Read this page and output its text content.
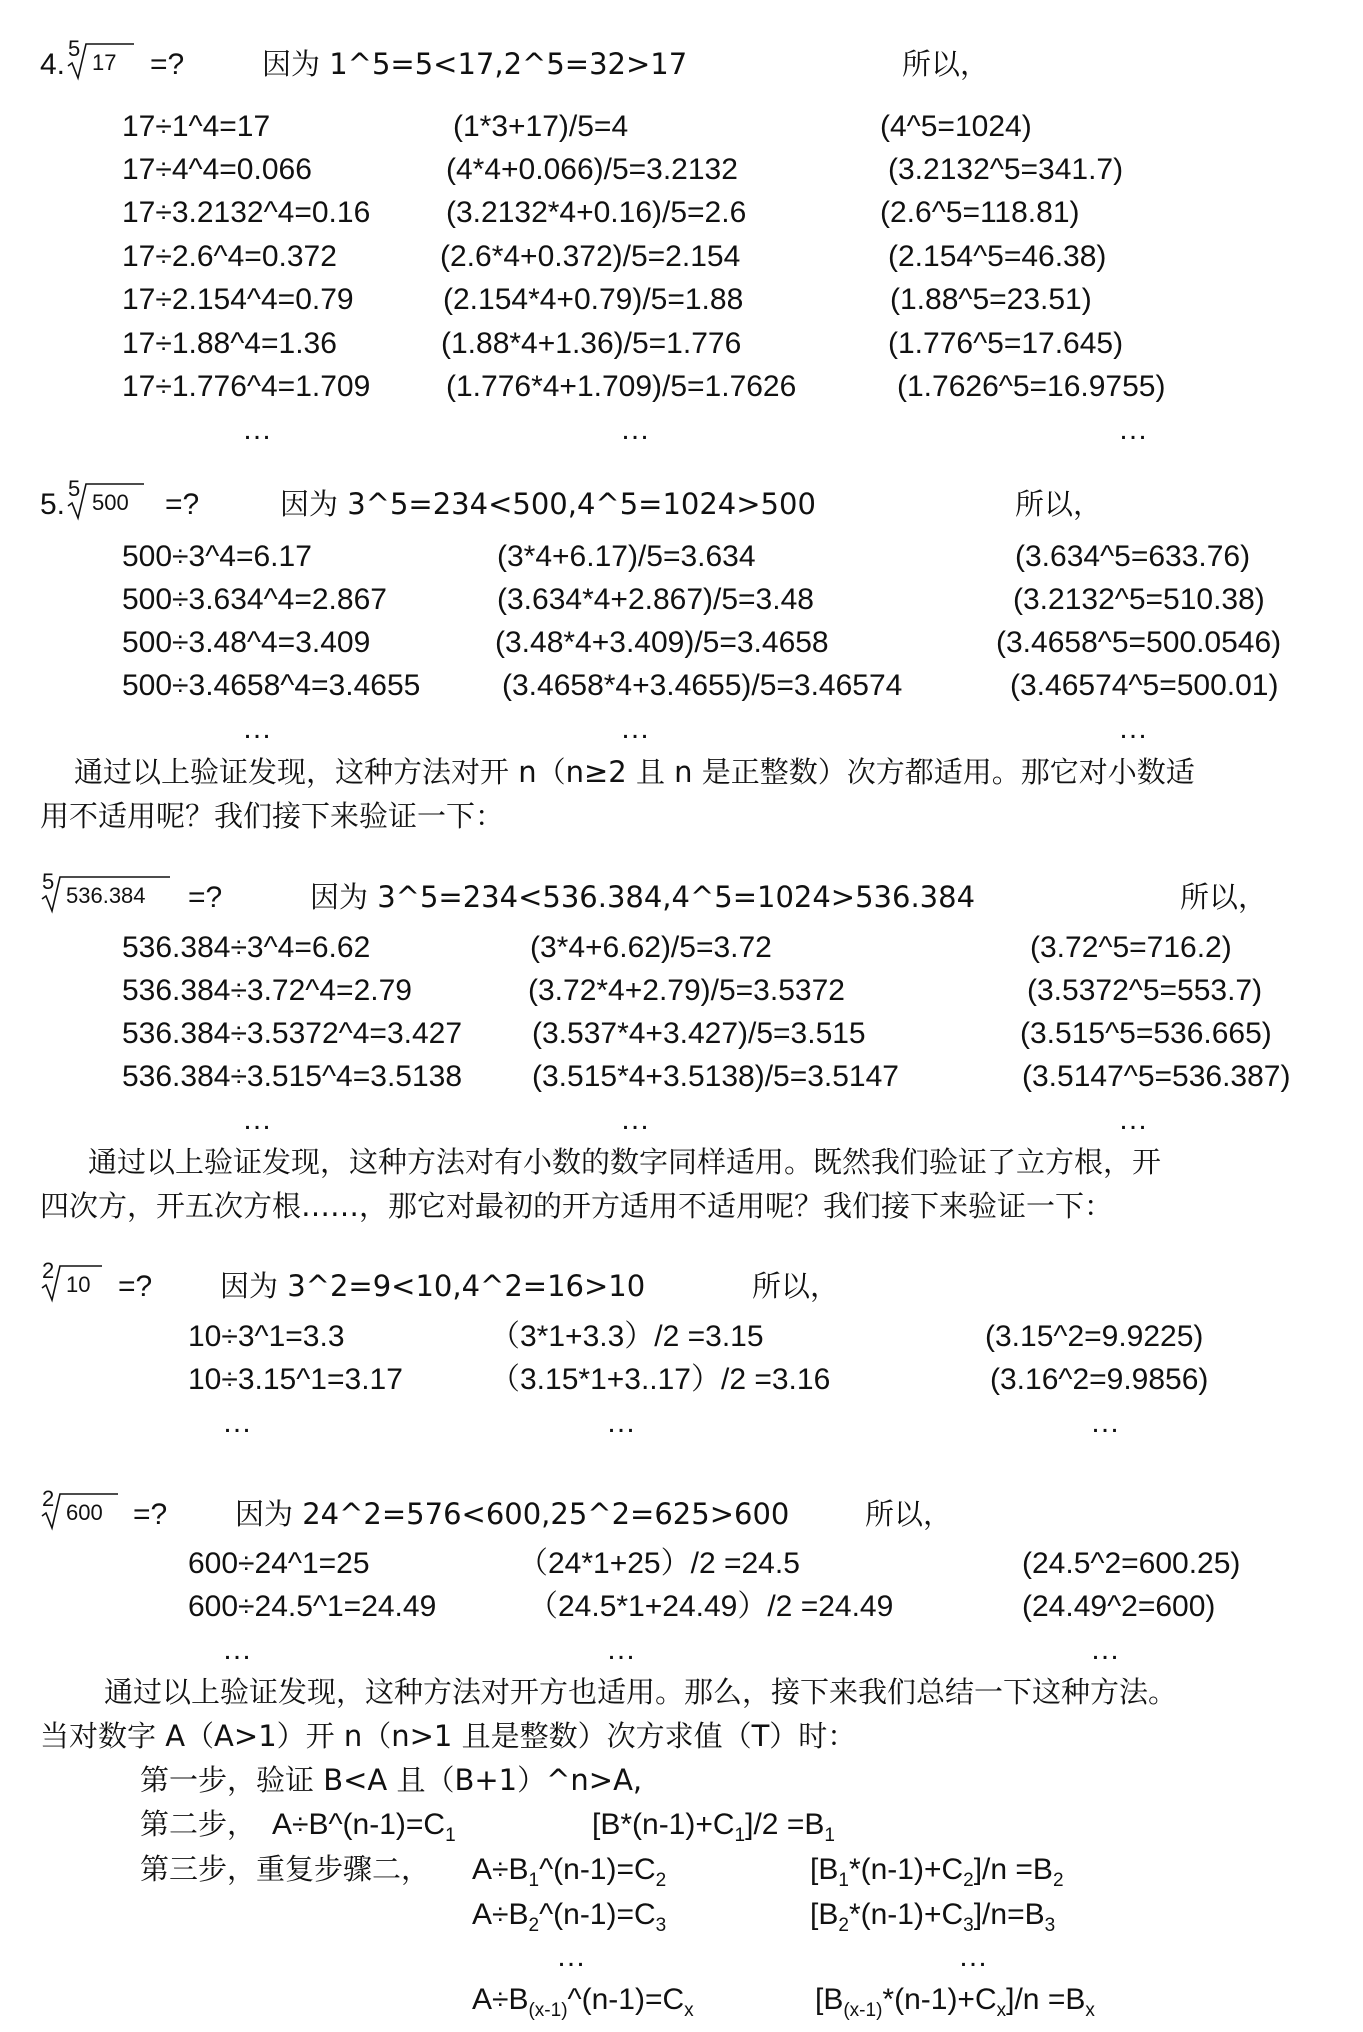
4. 5
17 =?	因为 1^5=5<17,2^5=32>17	所以，
17÷1^4=17	(1*3+17)/5=4	(4^5=1024)
17÷4^4=0.066	(4*4+0.066)/5=3.2132	(3.2132^5=341.7)
17÷3.2132^4=0.16	(3.2132*4+0.16)/5=2.6	(2.6^5=118.81)
17÷2.6^4=0.372	(2.6*4+0.372)/5=2.154	(2.154^5=46.38)
17÷2.154^4=0.79	(2.154*4+0.79)/5=1.88	(1.88^5=23.51)
17÷1.88^4=1.36	(1.88*4+1.36)/5=1.776	(1.776^5=17.645)
17÷1.776^4=1.709	(1.776*4+1.709)/5=1.7626	(1.7626^5=16.9755)
…	…	…
5. 5
500 =?	因为 3^5=234<500,4^5=1024>500	所以，
500÷3^4=6.17	(3*4+6.17)/5=3.634	(3.634^5=633.76)
500÷3.634^4=2.867	(3.634*4+2.867)/5=3.48	(3.2132^5=510.38)
500÷3.48^4=3.409	(3.48*4+3.409)/5=3.4658	(3.4658^5=500.0546)
500÷3.4658^4=3.4655	(3.4658*4+3.4655)/5=3.46574	(3.46574^5=500.01)
…	…	…
通过以上验证发现，这种方法对开 n（n≥2 且 n 是正整数）次方都适用。那它对小数适
用不适用呢？我们接下来验证一下：
5
536.384 =?	因为 3^5=234<536.384,4^5=1024>536.384	所以，
536.384÷3^4=6.62	(3*4+6.62)/5=3.72	(3.72^5=716.2)
536.384÷3.72^4=2.79	(3.72*4+2.79)/5=3.5372	(3.5372^5=553.7)
536.384÷3.5372^4=3.427 (3.537*4+3.427)/5=3.515	(3.515^5=536.665)
536.384÷3.515^4=3.5138 (3.515*4+3.5138)/5=3.5147	(3.5147^5=536.387)
…	…	…
通过以上验证发现，这种方法对有小数的数字同样适用。既然我们验证了立方根，开
四次方，开五次方根……，那它对最初的开方适用不适用呢？我们接下来验证一下：
2
10 =? 因为 3^2=9<10,4^2=16>10	所以，
10÷3^1=3.3	（3*1+3.3）/2 =3.15	(3.15^2=9.9225)
10÷3.15^1=3.17	（3.15*1+3..17）/2 =3.16	(3.16^2=9.9856)
…	…	…
2
600 =? 因为 24^2=576<600,25^2=625>600	所以，
600÷24^1=25	（24*1+25）/2 =24.5	(24.5^2=600.25)
600÷24.5^1=24.49	（24.5*1+24.49）/2 =24.49	(24.49^2=600)
…	…	…
通过以上验证发现，这种方法对开方也适用。那么，接下来我们总结一下这种方法。
当对数字 A（A>1）开 n（n>1 且是整数）次方求值（T）时：
第一步，验证 B<A 且（B+1）^n>A,
第二步， $A\div B\^{}(n-1)=C_1$	$[B*(n-1)+C_1]/2 =B_1$
第三步，重复步骤二， $A\div B_1\^{}(n-1)=C_2$	$[B_1*(n-1)+C_2]/n =B_2$
$A\div B_2\^{}(n-1)=C_3$	$[B_2*(n-1)+C_3]/n=B_3$
…	…
$A\div B_{(x-1)}\^{}(n-1)=C_x$	$[B_{(x-1)}*(n-1)+C_x]/n =B_x$
